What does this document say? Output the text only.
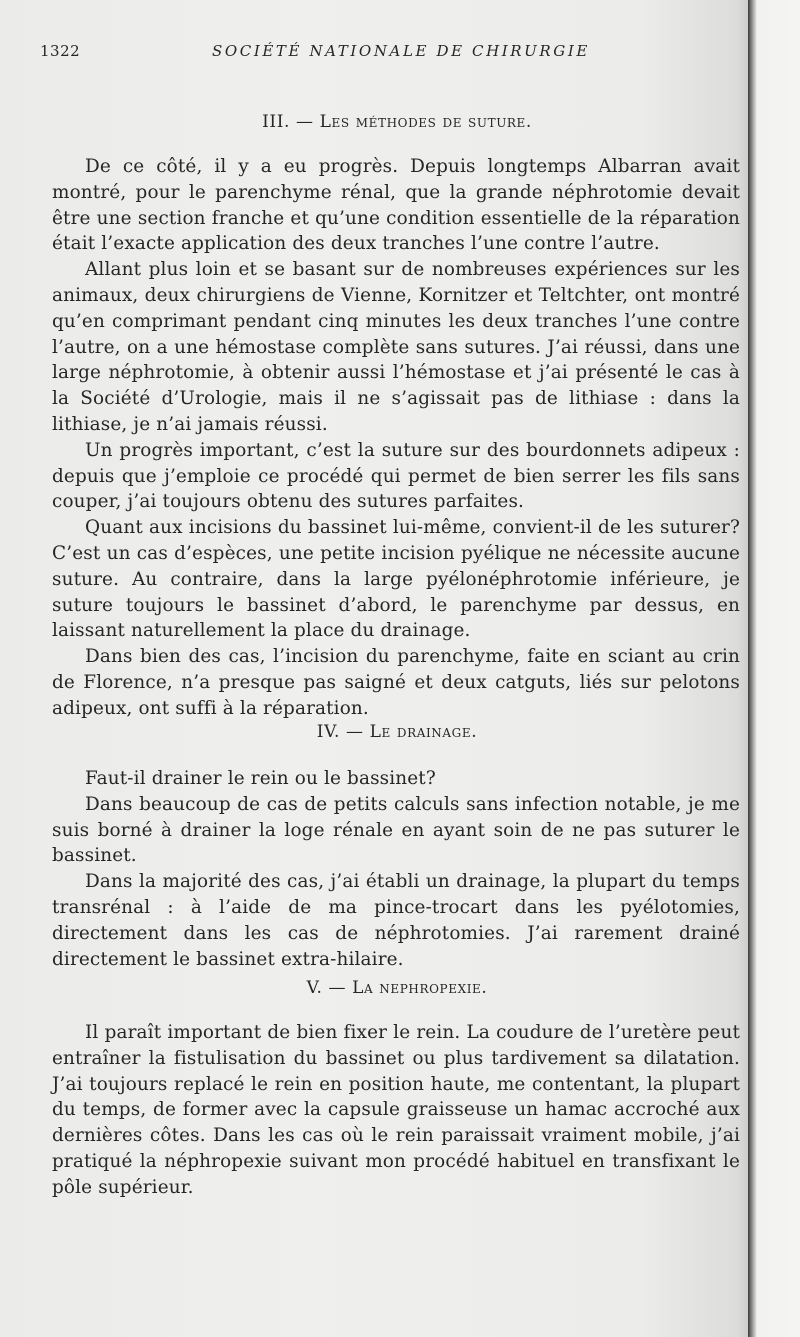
1322	SOCIÉTÉ NATIONALE DE CHIRURGIE
III. — Les méthodes de suture.

De ce côté, il y a eu progrès. Depuis longtemps Albarran avait montré, pour le parenchyme rénal, que la grande néphrotomie devait être une section franche et qu’une condition essentielle de la réparation était l’exacte application des deux tranches l’une contre l’autre.

Allant plus loin et se basant sur de nombreuses expériences sur les animaux, deux chirurgiens de Vienne, Kornitzer et Teltchter, ont montré qu’en comprimant pendant cinq minutes les deux tranches l’une contre l’autre, on a une hémostase complète sans sutures. J’ai réussi, dans une large néphrotomie, à obtenir aussi l’hémostase et j’ai présenté le cas à la Société d’Urologie, mais il ne s’agissait pas de lithiase : dans la lithiase, je n’ai jamais réussi.

Un progrès important, c’est la suture sur des bourdonnets adipeux : depuis que j’emploie ce procédé qui permet de bien serrer les fils sans couper, j’ai toujours obtenu des sutures parfaites.

Quant aux incisions du bassinet lui-même, convient-il de les suturer? C’est un cas d’espèces, une petite incision pyélique ne nécessite aucune suture. Au contraire, dans la large pyélonéphrotomie inférieure, je suture toujours le bassinet d’abord, le parenchyme par dessus, en laissant naturellement la place du drainage.

Dans bien des cas, l’incision du parenchyme, faite en sciant au crin de Florence, n’a presque pas saigné et deux catguts, liés sur pelotons adipeux, ont suffi à la réparation.

IV. — Le drainage.

Faut-il drainer le rein ou le bassinet?

Dans beaucoup de cas de petits calculs sans infection notable, je me suis borné à drainer la loge rénale en ayant soin de ne pas suturer le bassinet.

Dans la majorité des cas, j’ai établi un drainage, la plupart du temps transrénal : à l’aide de ma pince-trocart dans les pyélotomies, directement dans les cas de néphrotomies. J’ai rarement drainé directement le bassinet extra-hilaire.

V. — La nephropexie.

Il paraît important de bien fixer le rein. La coudure de l’uretère peut entraîner la fistulisation du bassinet ou plus tardivement sa dilatation. J’ai toujours replacé le rein en position haute, me contentant, la plupart du temps, de former avec la capsule graisseuse un hamac accroché aux dernières côtes. Dans les cas où le rein paraissait vraiment mobile, j’ai pratiqué la néphropexie suivant mon procédé habituel en transfixant le pôle supérieur.
